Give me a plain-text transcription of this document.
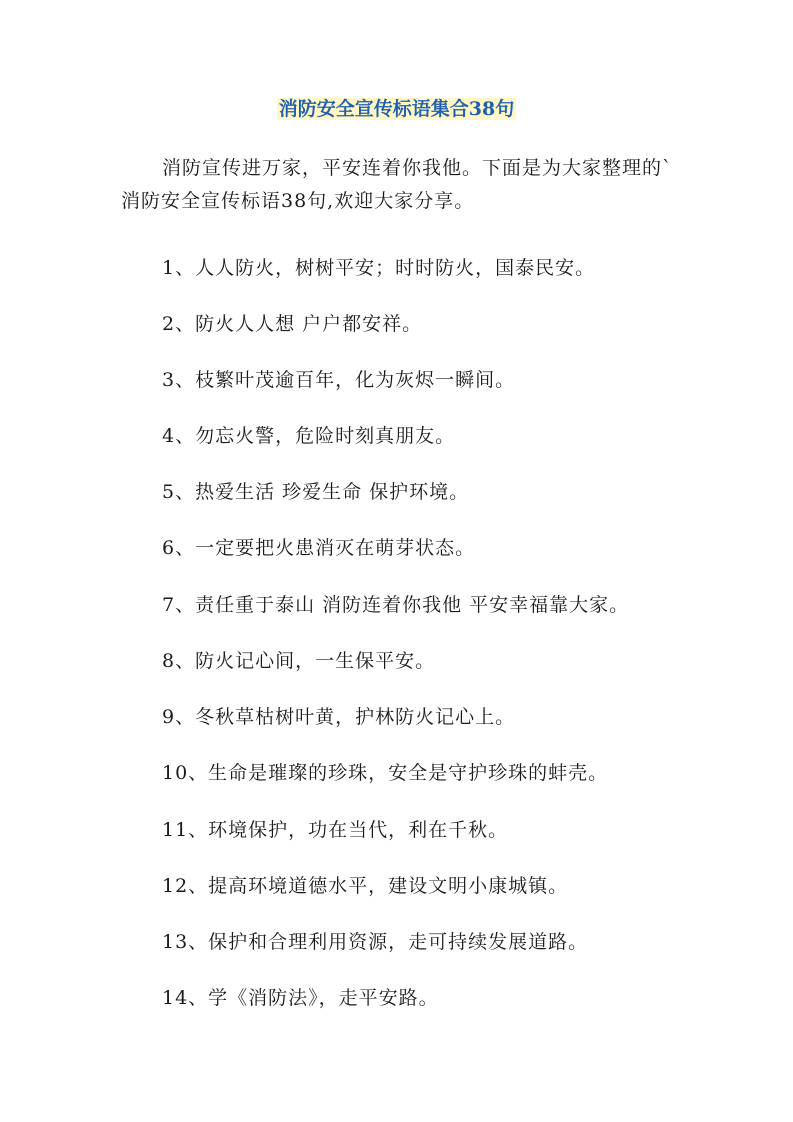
消防安全宣传标语集合38句
消防宣传进万家，平安连着你我他。下面是为大家整理的`消防安全宣传标语38句,欢迎大家分享。
1、人人防火，树树平安；时时防火，国泰民安。
2、防火人人想 户户都安祥。
3、枝繁叶茂逾百年，化为灰烬一瞬间。
4、勿忘火警，危险时刻真朋友。
5、热爱生活 珍爱生命 保护环境。
6、一定要把火患消灭在萌芽状态。
7、责任重于泰山 消防连着你我他 平安幸福靠大家。
8、防火记心间，一生保平安。
9、冬秋草枯树叶黄，护林防火记心上。
10、生命是璀璨的珍珠，安全是守护珍珠的蚌壳。
11、环境保护，功在当代，利在千秋。
12、提高环境道德水平，建设文明小康城镇。
13、保护和合理利用资源，走可持续发展道路。
14、学《消防法》，走平安路。
